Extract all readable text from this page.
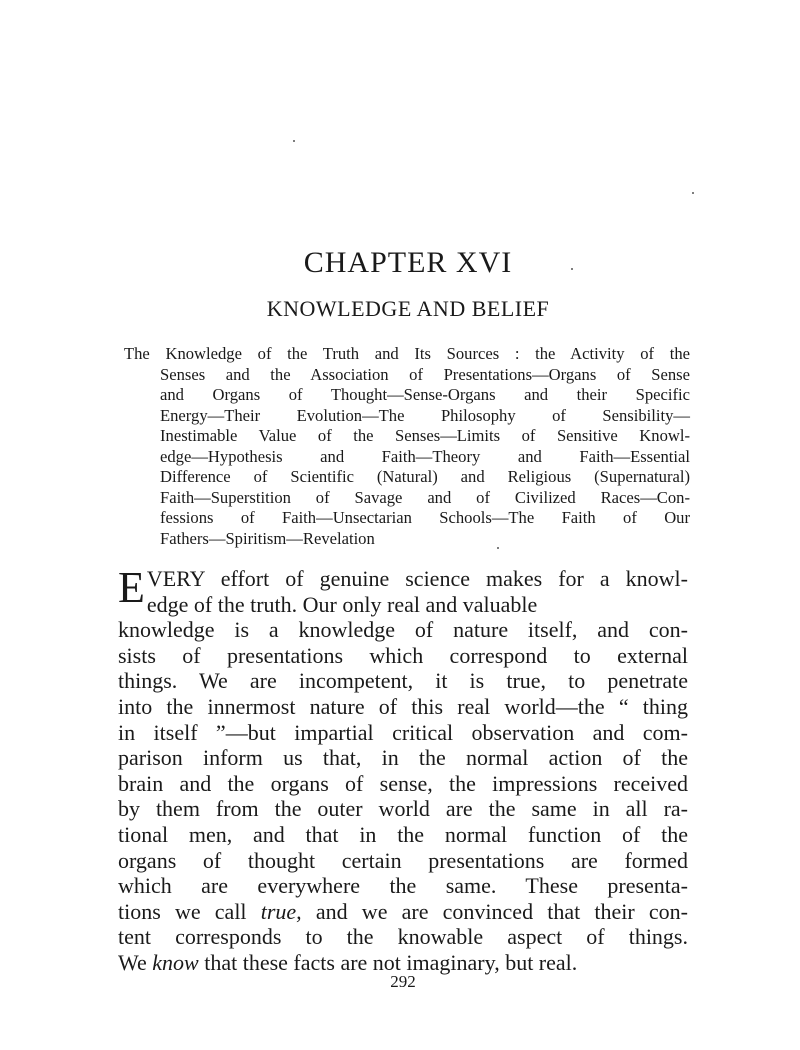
CHAPTER XVI
KNOWLEDGE AND BELIEF
The Knowledge of the Truth and Its Sources : the Activity of the
Senses and the Association of Presentations—Organs of Sense
and Organs of Thought—Sense-Organs and their Specific
Energy—Their Evolution—The Philosophy of Sensibility—
Inestimable Value of the Senses—Limits of Sensitive Knowl-
edge—Hypothesis and Faith—Theory and Faith—Essential
Difference of Scientific (Natural) and Religious (Supernatural)
Faith—Superstition of Savage and of Civilized Races—Con-
fessions of Faith—Unsectarian Schools—The Faith of Our
Fathers—Spiritism—Revelation
E VERY effort of genuine science makes for a knowl-
edge of the truth. Our only real and valuable
knowledge is a knowledge of nature itself, and con-
sists of presentations which correspond to external
things. We are incompetent, it is true, to penetrate
into the innermost nature of this real world—the “ thing
in itself ”—but impartial critical observation and com-
parison inform us that, in the normal action of the
brain and the organs of sense, the impressions received
by them from the outer world are the same in all ra-
tional men, and that in the normal function of the
organs of thought certain presentations are formed
which are everywhere the same. These presenta-
tions we call true, and we are convinced that their con-
tent corresponds to the knowable aspect of things.
We know that these facts are not imaginary, but real.
292
